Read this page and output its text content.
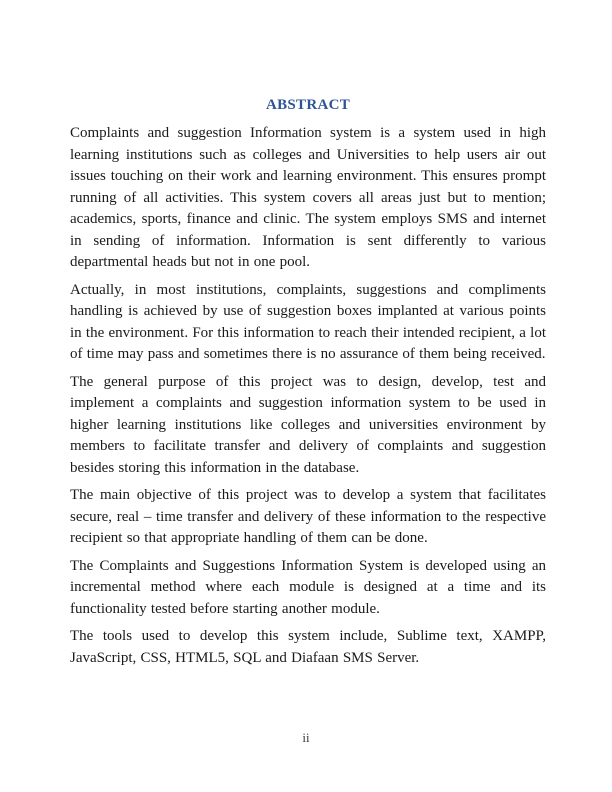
ABSTRACT

Complaints and suggestion Information system is a system used in high learning institutions such as colleges and Universities to help users air out issues touching on their work and learning environment. This ensures prompt running of all activities. This system covers all areas just but to mention; academics, sports, finance and clinic. The system employs SMS and internet in sending of information. Information is sent differently to various departmental heads but not in one pool.

Actually, in most institutions, complaints, suggestions and compliments handling is achieved by use of suggestion boxes implanted at various points in the environment. For this information to reach their intended recipient, a lot of time may pass and sometimes there is no assurance of them being received.

The general purpose of this project was to design, develop, test and implement a complaints and suggestion information system to be used in higher learning institutions like colleges and universities environment by members to facilitate transfer and delivery of complaints and suggestion besides storing this information in the database.

The main objective of this project was to develop a system that facilitates secure, real – time transfer and delivery of these information to the respective recipient so that appropriate handling of them can be done.

The Complaints and Suggestions Information System is developed using an incremental method where each module is designed at a time and its functionality tested before starting another module.

The tools used to develop this system include, Sublime text, XAMPP, JavaScript, CSS, HTML5, SQL and Diafaan SMS Server.

ii
